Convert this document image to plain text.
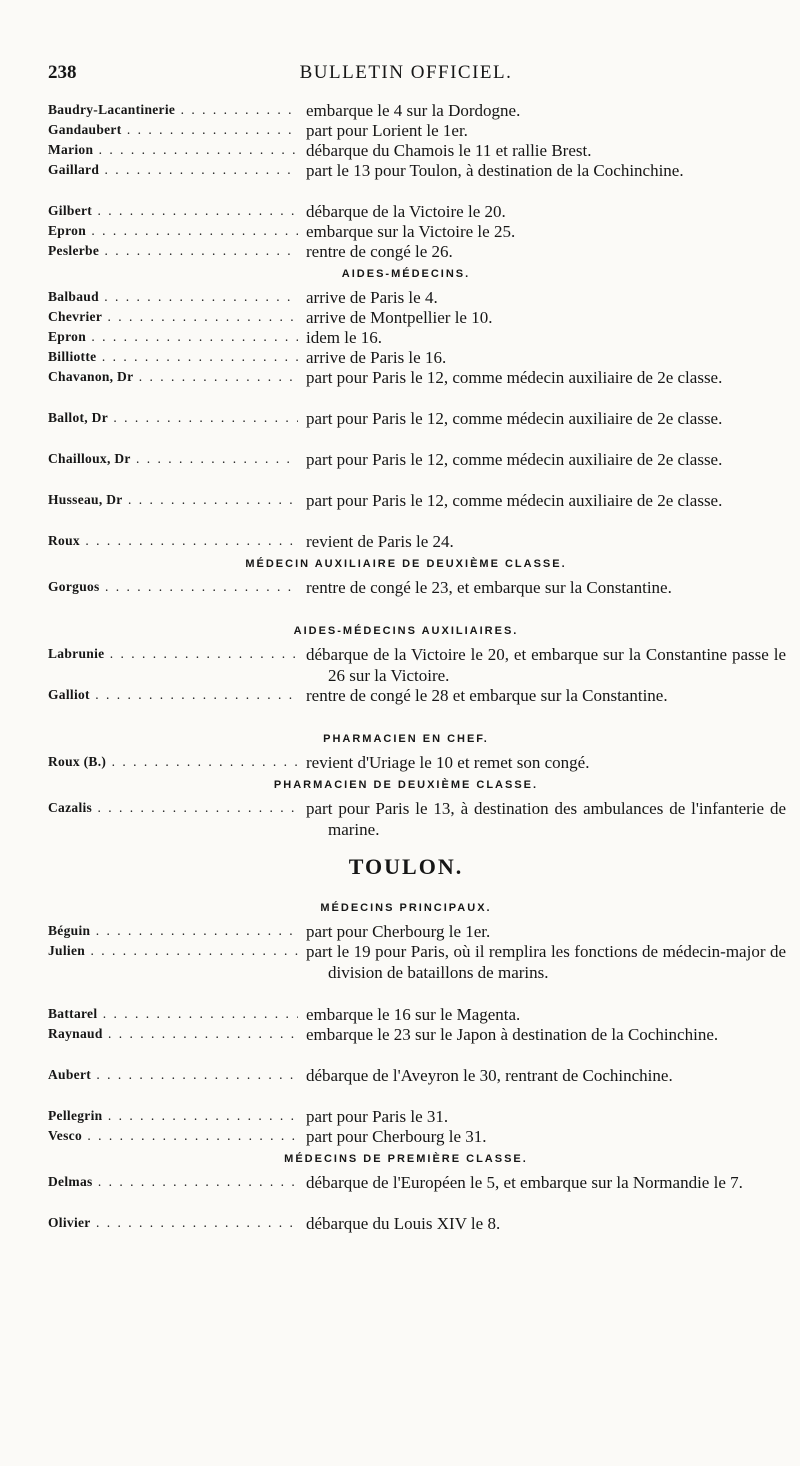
238	BULLETIN OFFICIEL.
Baudry-Lacantinerie . . .	embarque le 4 sur la Dordogne.
Gandaubert . . .	part pour Lorient le 1er.
Marion . . .	débarque du Chamois le 11 et rallie Brest.
Gaillard . . .	part le 13 pour Toulon, à destination de la Cochinchine.
Gilbert . . .	débarque de la Victoire le 20.
Epron . . .	embarque sur la Victoire le 25.
Peslerbe . . .	rentre de congé le 26.
AIDES-MÉDECINS.
Balbaud . . .	arrive de Paris le 4.
Chevrier . . .	arrive de Montpellier le 10.
Epron . . .	idem le 16.
Billiotte . . .	arrive de Paris le 16.
Chavanon, Dr . . .	part pour Paris le 12, comme médecin auxiliaire de 2e classe.
Ballot, Dr . . .	part pour Paris le 12, comme médecin auxiliaire de 2e classe.
Chailloux, Dr . . .	part pour Paris le 12, comme médecin auxiliaire de 2e classe.
Husseau, Dr . . .	part pour Paris le 12, comme médecin auxiliaire de 2e classe.
Roux . . .	revient de Paris le 24.
MÉDECIN AUXILIAIRE DE DEUXIÈME CLASSE.
Gorguos . . .	rentre de congé le 23, et embarque sur la Constantine.
AIDES-MÉDECINS AUXILIAIRES.
Labrunie . . .	débarque de la Victoire le 20, et embarque sur la Constantine passe le 26 sur la Victoire.
Galliot . . .	rentre de congé le 28 et embarque sur la Constantine.
PHARMACIEN EN CHEF.
Roux (B.) . . .	revient d'Uriage le 10 et remet son congé.
PHARMACIEN DE DEUXIÈME CLASSE.
Cazalis . . .	part pour Paris le 13, à destination des ambulances de l'infanterie de marine.
TOULON.
MÉDECINS PRINCIPAUX.
Béguin . . .	part pour Cherbourg le 1er.
Julien . . .	part le 19 pour Paris, où il remplira les fonctions de médecin-major de division de bataillons de marins.
Battarel . . .	embarque le 16 sur le Magenta.
Raynaud . . .	embarque le 23 sur le Japon à destination de la Cochinchine.
Aubert . . .	débarque de l'Aveyron le 30, rentrant de Cochinchine.
Pellegrin . . .	part pour Paris le 31.
Vesco . . .	part pour Cherbourg le 31.
MÉDECINS DE PREMIÈRE CLASSE.
Delmas . . .	débarque de l'Européen le 5, et embarque sur la Normandie le 7.
Olivier . . .	débarque du Louis XIV le 8.
